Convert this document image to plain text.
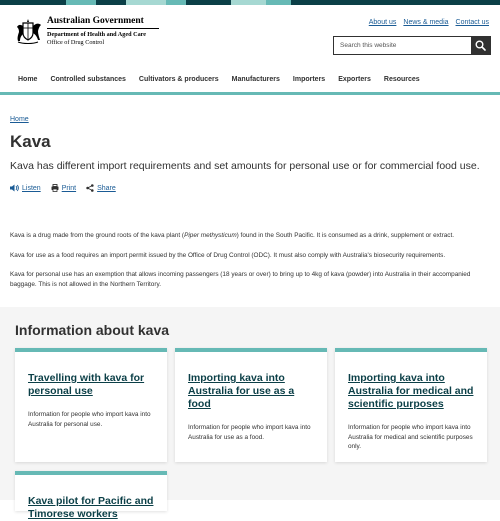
Australian Government
Department of Health and Aged Care
Office of Drug Control
About us News & media Contact us
Search this website
Home Controlled substances Cultivators & producers Manufacturers Importers Exporters Resources
Home
Kava

Kava has different import requirements and set amounts for personal use or for commercial food use.

Listen	Print	Share

Kava is a drug made from the ground roots of the kava plant (Piper methysticum) found in the South Pacific. It is consumed as a drink, supplement or extract.

Kava for use as a food requires an import permit issued by the Office of Drug Control (ODC). It must also comply with Australia's biosecurity requirements.

Kava for personal use has an exemption that allows incoming passengers (18 years or over) to bring up to 4kg of kava (powder) into Australia in their accompanied baggage. This is not allowed in the Northern Territory.

Information about kava
Travelling with kava for personal use
Information for people who import kava into Australia for personal use.
Importing kava into Australia for use as a food
Information for people who import kava into Australia for use as a food.
Importing kava into Australia for medical and scientific purposes
Information for people who import kava into Australia for medical and scientific purposes only.
Kava pilot for Pacific and Timorese workers
